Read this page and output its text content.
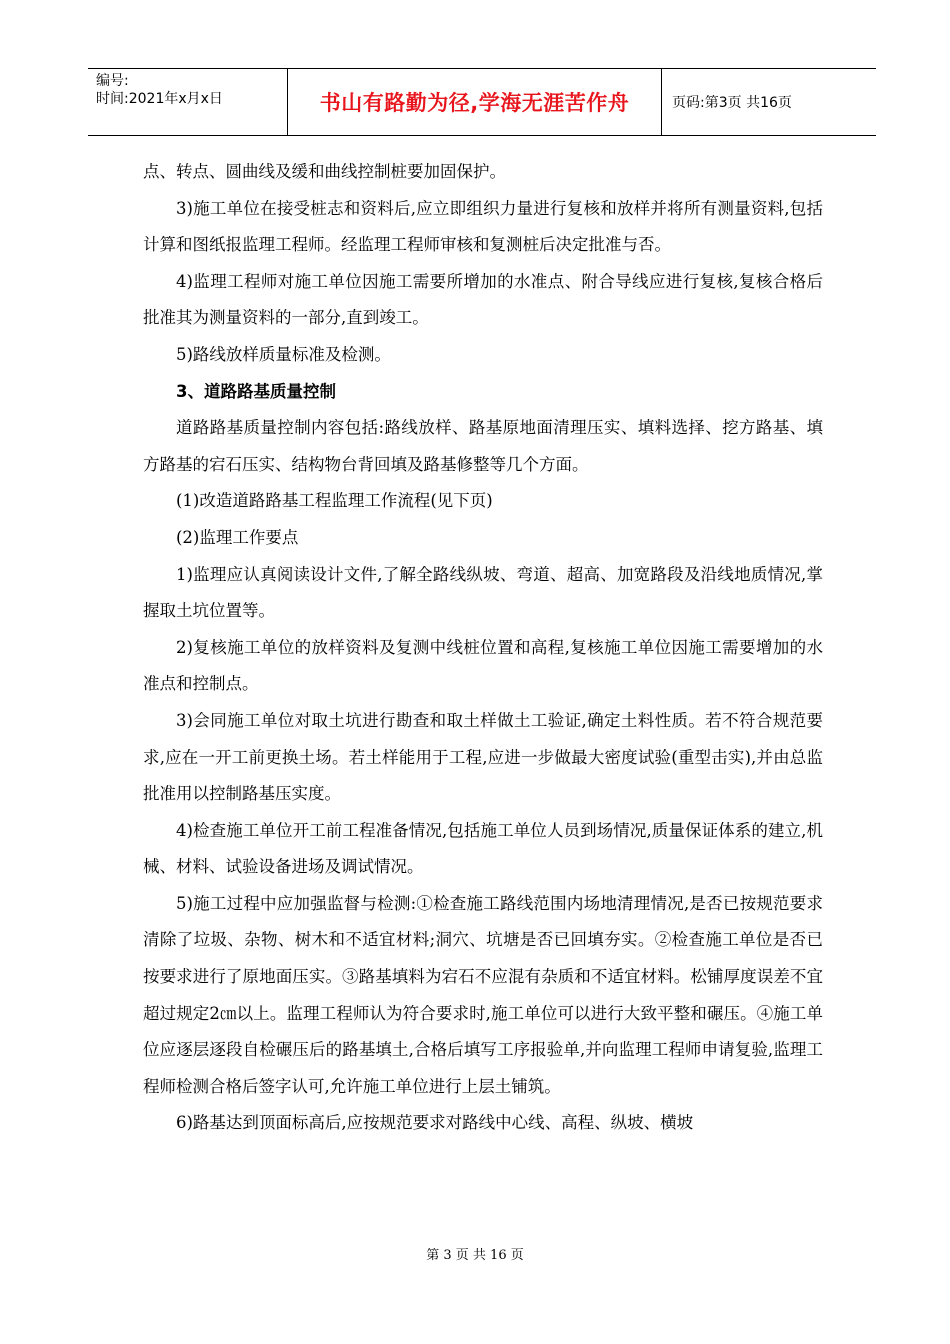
编号:
时间:2021年x月x日	书山有路勤为径,学海无涯苦作舟	页码:第3页 共16页

点、转点、圆曲线及缓和曲线控制桩要加固保护。

3)施工单位在接受桩志和资料后,应立即组织力量进行复核和放样并将所有测量资料,包括计算和图纸报监理工程师。经监理工程师审核和复测桩后决定批准与否。

4)监理工程师对施工单位因施工需要所增加的水准点、附合导线应进行复核,复核合格后批准其为测量资料的一部分,直到竣工。

5)路线放样质量标准及检测。

3、道路路基质量控制

道路路基质量控制内容包括:路线放样、路基原地面清理压实、填料选择、挖方路基、填方路基的宕石压实、结构物台背回填及路基修整等几个方面。

(1)改造道路路基工程监理工作流程(见下页)

(2)监理工作要点

1)监理应认真阅读设计文件,了解全路线纵坡、弯道、超高、加宽路段及沿线地质情况,掌握取土坑位置等。

2)复核施工单位的放样资料及复测中线桩位置和高程,复核施工单位因施工需要增加的水准点和控制点。

3)会同施工单位对取土坑进行勘查和取土样做土工验证,确定土料性质。若不符合规范要求,应在一开工前更换土场。若土样能用于工程,应进一步做最大密度试验(重型击实),并由总监批准用以控制路基压实度。

4)检查施工单位开工前工程准备情况,包括施工单位人员到场情况,质量保证体系的建立,机械、材料、试验设备进场及调试情况。

5)施工过程中应加强监督与检测:①检查施工路线范围内场地清理情况,是否已按规范要求清除了垃圾、杂物、树木和不适宜材料;洞穴、坑塘是否已回填夯实。②检查施工单位是否已按要求进行了原地面压实。③路基填料为宕石不应混有杂质和不适宜材料。松铺厚度误差不宜超过规定2㎝以上。监理工程师认为符合要求时,施工单位可以进行大致平整和碾压。④施工单位应逐层逐段自检碾压后的路基填土,合格后填写工序报验单,并向监理工程师申请复验,监理工程师检测合格后签字认可,允许施工单位进行上层土铺筑。

6)路基达到顶面标高后,应按规范要求对路线中心线、高程、纵坡、横坡

第 3 页 共 16 页
